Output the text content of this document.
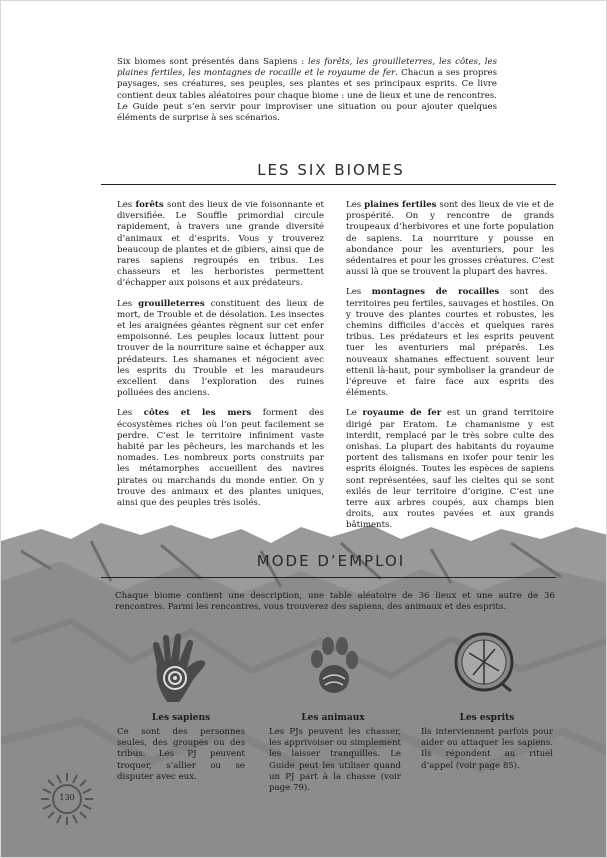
Six biomes sont présentés dans Sapiens : les forêts, les grouilleterres, les côtes, les plaines fertiles, les montagnes de rocaille et le royaume de fer. Chacun a ses propres paysages, ses créatures, ses peuples, ses plantes et ses principaux esprits. Ce livre contient deux tables aléatoires pour chaque biome : une de lieux et une de rencontres. Le Guide peut s’en servir pour improviser une situation ou pour ajouter quelques éléments de surprise à ses scénarios.
LES SIX BIOMES

Les forêts sont des lieux de vie foisonnante et diversifiée. Le Souffle primordial circule rapidement, à travers une grande diversité d’animaux et d’esprits. Vous y trouverez beaucoup de plantes et de gibiers, ainsi que de rares sapiens regroupés en tribus. Les chasseurs et les herboristes permettent d’échapper aux poisons et aux prédateurs.

Les grouilleterres constituent des lieux de mort, de Trouble et de désolation. Les insectes et les araignées géantes règnent sur cet enfer empoisonné. Les peuples locaux luttent pour trouver de la nourriture saine et échapper aux prédateurs. Les shamanes et négocient avec les esprits du Trouble et les maraudeurs excellent dans l’exploration des ruines polluées des anciens.

Les côtes et les mers forment des écosystèmes riches où l’on peut facilement se perdre. C’est le territoire infiniment vaste habité par les pêcheurs, les marchands et les nomades. Les nombreux ports construits par les métamorphes accueillent des navires pirates ou marchands du monde entier. On y trouve des animaux et des plantes uniques, ainsi que des peuples très isolés.

Les plaines fertiles sont des lieux de vie et de prospérité. On y rencontre de grands troupeaux d’herbivores et une forte population de sapiens. La nourriture y pousse en abondance pour les aventuriers, pour les sédentaires et pour les grosses créatures. C’est aussi là que se trouvent la plupart des havres.

Les montagnes de rocailles sont des territoires peu fertiles, sauvages et hostiles. On y trouve des plantes courtes et robustes, les chemins difficiles d’accès et quelques rares tribus. Les prédateurs et les esprits peuvent tuer les aventuriers mal préparés. Les nouveaux shamanes effectuent souvent leur ettenii là-haut, pour symboliser la grandeur de l’épreuve et faire face aux esprits des éléments.

Le royaume de fer est un grand territoire dirigé par Eratom. Le chamanisme y est interdit, remplacé par le très sobre culte des onishas. La plupart des habitants du royaume portent des talismans en ixofer pour tenir les esprits éloignés. Toutes les espèces de sapiens sont représentées, sauf les cieltes qui se sont exilés de leur territoire d’origine. C’est une terre aux arbres coupés, aux champs bien droits, aux routes pavées et aux grands bâtiments.

MODE D’EMPLOI
Chaque biome contient une description, une table aléatoire de 36 lieux et une autre de 36 rencontres. Parmi les rencontres, vous trouverez des sapiens, des animaux et des esprits.
Les sapiens	Les animaux	Les esprits
Ce sont des personnes seules, des groupes ou des tribus. Les PJ peuvent troquer, s’allier ou se disputer avec eux.
Les PJs peuvent les chasser, les apprivoiser ou simplement les laisser tranquilles. Le Guide peut les utiliser quand un PJ part à la chasse (voir page 79).
Ils interviennent parfois pour aider ou attaquer les sapiens. Ils répondent au rituel d’appel (voir page 85).
130
